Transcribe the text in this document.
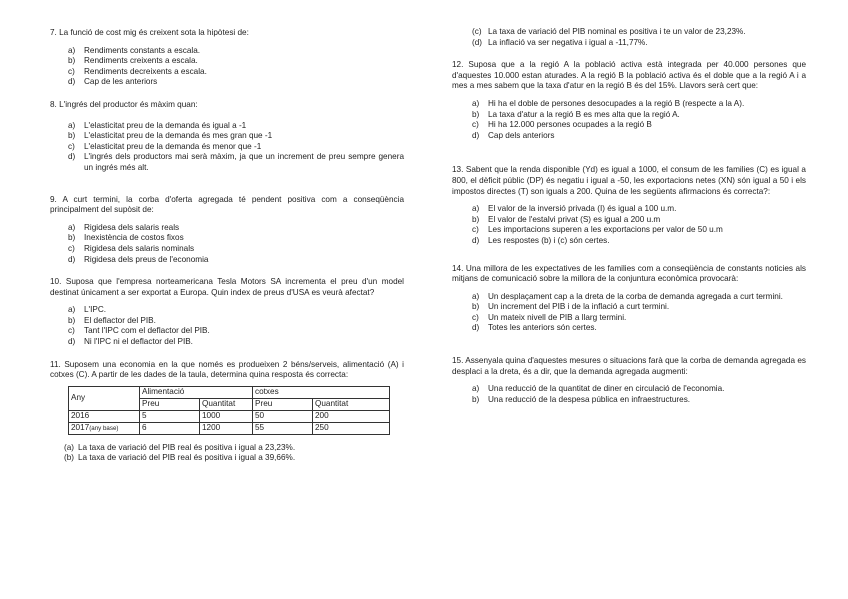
7. La funció de cost mig és creixent sota la hipòtesi de:

a) Rendiments constants a escala.
b) Rendiments creixents a escala.
c) Rendiments decreixents a escala.
d) Cap de les anteriors

8. L'ingrés del productor és màxim quan:

a) L'elasticitat preu de la demanda és igual a -1
b) L'elasticitat preu de la demanda és mes gran que -1
c) L'elasticitat preu de la demanda és menor que -1
d) L'ingrés dels productors mai serà màxim, ja que un increment de preu sempre genera un ingrés més alt.

9. A curt termini, la corba d'oferta agregada té pendent positiva com a conseqüència principalment del supòsit de:

a) Rigidesa dels salaris reals
b) Inexistència de costos fixos
c) Rigidesa dels salaris nominals
d) Rigidesa dels preus de l'economia

10. Suposa que l'empresa norteamericana Tesla Motors SA incrementa el preu d'un model destinat únicament a ser exportat a Europa. Quin index de preus d'USA es veurà afectat?

a) L'IPC.
b) El deflactor del PIB.
c) Tant l'IPC com el deflactor del PIB.
d) Ni l'IPC ni el deflactor del PIB.

11. Suposem una economia en la que només es produeixen 2 béns/serveis, alimentació (A) i cotxes (C). A partir de les dades de la taula, determina quina resposta és correcta:

Any	Alimentació		cotxes	
	Preu	Quantitat	Preu	Quantitat
2016	5	1000	50	200
2017(any base)	6	1200	55	250
(a) La taxa de variació del PIB real és positiva i igual a 23,23%.
(b) La taxa de variació del PIB real és positiva i igual a 39,66%.
(c) La taxa de variació del PIB nominal es positiva i te un valor de 23,23%.
(d) La inflació va ser negativa i igual a -11,77%.

12. Suposa que a la regió A la població activa està integrada per 40.000 persones que d'aquestes 10.000 estan aturades. A la regió B la població activa és el doble que a la regió A i a mes a mes sabem que la taxa d'atur en la regió B és del 15%. Llavors serà cert que:

a) Hi ha el doble de persones desocupades a la regió B (respecte a la A).
b) La taxa d'atur a la regió B es mes alta que la regió A.
c) Hi ha 12.000 persones ocupades a la regió B
d) Cap dels anteriors

13. Sabent que la renda disponible (Yd) es igual a 1000, el consum de les families (C) es igual a 800, el dèficit públic (DP) és negatiu i igual a -50, les exportacions netes (XN) són igual a 50 i els impostos directes (T) son iguals a 200. Quina de les següents afirmacions és correcta?:

a) El valor de la inversió privada (I) és igual a 100 u.m.
b) El valor de l'estalvi privat (S) es igual a 200 u.m
c) Les importacions superen a les exportacions per valor de 50 u.m
d) Les respostes (b) i (c) són certes.

14. Una millora de les expectatives de les families com a conseqüència de constants noticies als mitjans de comunicació sobre la millora de la conjuntura econòmica provocarà:

a) Un desplaçament cap a la dreta de la corba de demanda agregada a curt termini.
b) Un increment del PIB i de la inflació a curt termini.
c) Un mateix nivell de PIB a llarg termini.
d) Totes les anteriors són certes.

15. Assenyala quina d'aquestes mesures o situacions farà que la corba de demanda agregada es desplaci a la dreta, és a dir, que la demanda agregada augmenti:

a) Una reducció de la quantitat de diner en circulació de l'economia.
b) Una reducció de la despesa pública en infraestructures.
